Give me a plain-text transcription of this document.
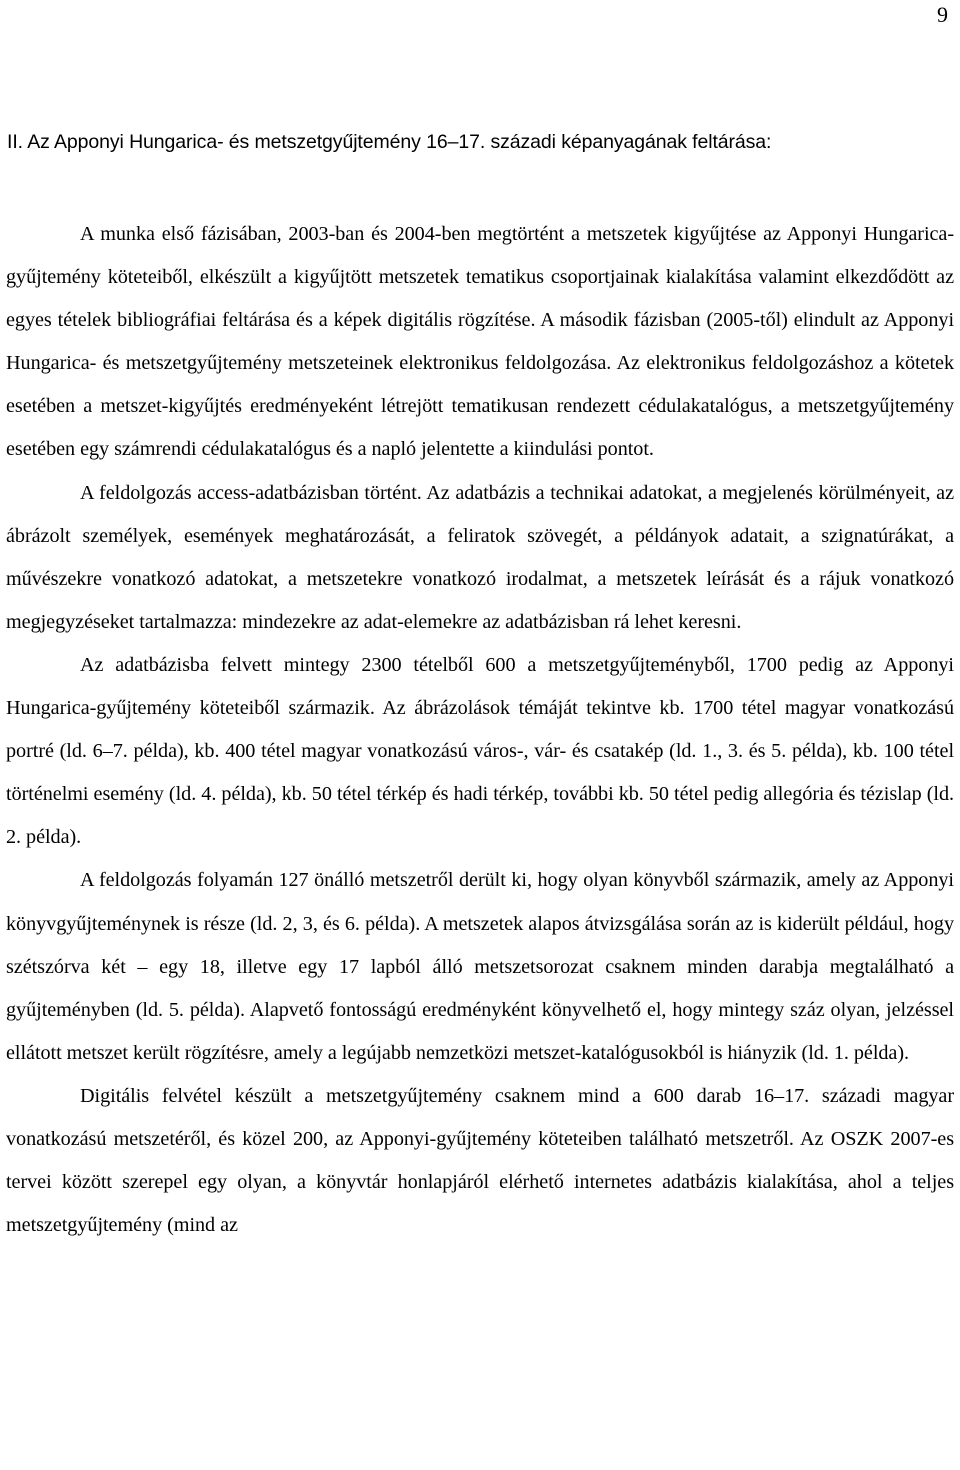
9
II. Az Apponyi Hungarica- és metszetgyűjtemény 16–17. századi képanyagának feltárása:

A munka első fázisában, 2003-ban és 2004-ben megtörtént a metszetek kigyűjtése az Apponyi Hungarica-gyűjtemény köteteiből, elkészült a kigyűjtött metszetek tematikus csoportjainak kialakítása valamint elkezdődött az egyes tételek bibliográfiai feltárása és a képek digitális rögzítése. A második fázisban (2005-től) elindult az Apponyi Hungarica- és metszetgyűjtemény metszeteinek elektronikus feldolgozása. Az elektronikus feldolgozáshoz a kötetek esetében a metszet-kigyűjtés eredményeként létrejött tematikusan rendezett cédulakatalógus, a metszetgyűjtemény esetében egy számrendi cédulakatalógus és a napló jelentette a kiindulási pontot.

A feldolgozás access-adatbázisban történt. Az adatbázis a technikai adatokat, a megjelenés körülményeit, az ábrázolt személyek, események meghatározását, a feliratok szövegét, a példányok adatait, a szignatúrákat, a művészekre vonatkozó adatokat, a metszetekre vonatkozó irodalmat, a metszetek leírását és a rájuk vonatkozó megjegyzéseket tartalmazza: mindezekre az adat-elemekre az adatbázisban rá lehet keresni.

Az adatbázisba felvett mintegy 2300 tételből 600 a metszetgyűjteményből, 1700 pedig az Apponyi Hungarica-gyűjtemény köteteiből származik. Az ábrázolások témáját tekintve kb. 1700 tétel magyar vonatkozású portré (ld. 6–7. példa), kb. 400 tétel magyar vonatkozású város-, vár- és csatakép (ld. 1., 3. és 5. példa), kb. 100 tétel történelmi esemény (ld. 4. példa), kb. 50 tétel térkép és hadi térkép, további kb. 50 tétel pedig allegória és tézislap (ld. 2. példa).

A feldolgozás folyamán 127 önálló metszetről derült ki, hogy olyan könyvből származik, amely az Apponyi könyvgyűjteménynek is része (ld. 2, 3, és 6. példa). A metszetek alapos átvizsgálása során az is kiderült például, hogy szétszórva két – egy 18, illetve egy 17 lapból álló metszetsorozat csaknem minden darabja megtalálható a gyűjteményben (ld. 5. példa). Alapvető fontosságú eredményként könyvelhető el, hogy mintegy száz olyan, jelzéssel ellátott metszet került rögzítésre, amely a legújabb nemzetközi metszet-katalógusokból is hiányzik (ld. 1. példa).

Digitális felvétel készült a metszetgyűjtemény csaknem mind a 600 darab 16–17. századi magyar vonatkozású metszetéről, és közel 200, az Apponyi-gyűjtemény köteteiben található metszetről. Az OSZK 2007-es tervei között szerepel egy olyan, a könyvtár honlapjáról elérhető internetes adatbázis kialakítása, ahol a teljes metszetgyűjtemény (mind az
